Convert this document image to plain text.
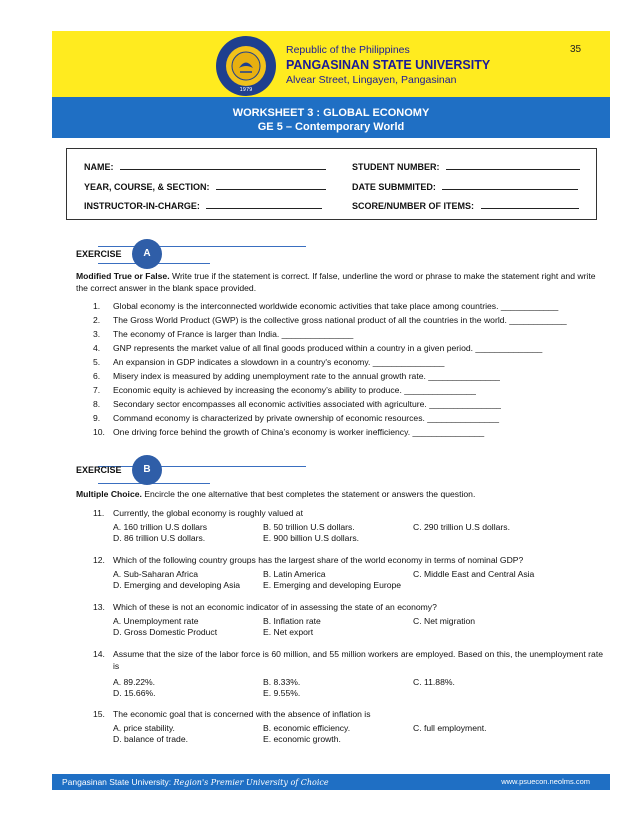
1979
Republic of the Philippines
PANGASINAN STATE UNIVERSITY
Alvear Street, Lingayen, Pangasinan
35
WORKSHEET 3 : GLOBAL ECONOMY
GE 5 – Contemporary World
NAME:	STUDENT NUMBER:
YEAR, COURSE, & SECTION:	DATE SUBMMITED:
INSTRUCTOR-IN-CHARGE:	SCORE/NUMBER OF ITEMS:
EXERCISE	A
Modified True or False. Write true if the statement is correct. If false, underline the word or phrase to make the statement right and write the correct answer in the blank space provided.
1. Global economy is the interconnected worldwide economic activities that take place among countries. ____________
2. The Gross World Product (GWP) is the collective gross national product of all the countries in the world. ____________
3. The economy of France is larger than India. _______________
4. GNP represents the market value of all final goods produced within a country in a given period. ______________
5. An expansion in GDP indicates a slowdown in a country's economy. _______________
6. Misery index is measured by adding unemployment rate to the annual growth rate. _______________
7. Economic equity is achieved by increasing the economy’s ability to produce. _______________
8. Secondary sector encompasses all economic activities associated with agriculture. _______________
9. Command economy is characterized by private ownership of economic resources. _______________
10. One driving force behind the growth of China’s economy is worker inefficiency. _______________
EXERCISE	B
Multiple Choice. Encircle the one alternative that best completes the statement or answers the question.
11. Currently, the global economy is roughly valued at
A. 160 trillion U.S dollars	B. 50 trillion U.S dollars.	C. 290 trillion U.S dollars.
D. 86 trillion U.S dollars.	E. 900 billion U.S dollars.
12. Which of the following country groups has the largest share of the world economy in terms of nominal GDP?
A. Sub-Saharan Africa	B. Latin America	C. Middle East and Central Asia
D. Emerging and developing Asia	E. Emerging and developing Europe
13. Which of these is not an economic indicator of in assessing the state of an economy?
A. Unemployment rate	B. Inflation rate	C. Net migration
D. Gross Domestic Product	E. Net export
14. Assume that the size of the labor force is 60 million, and 55 million workers are employed. Based on this, the unemployment rate is
A. 89.22%.	B. 8.33%.	C. 11.88%.
D. 15.66%.	E. 9.55%.
15. The economic goal that is concerned with the absence of inflation is
A. price stability.	B. economic efficiency.	C. full employment.
D. balance of trade.	E. economic growth.
Pangasinan State University: Region's Premier University of Choice	www.psuecon.neolms.com
